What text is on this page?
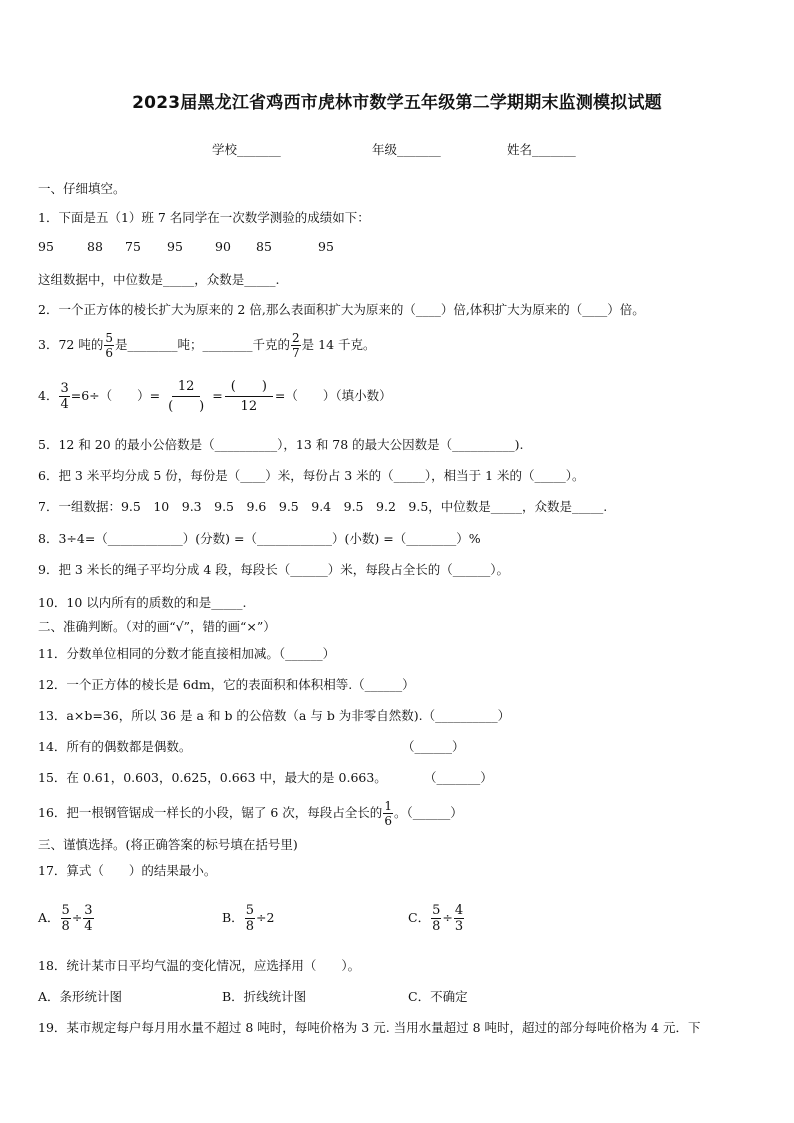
2023届黑龙江省鸡西市虎林市数学五年级第二学期期末监测模拟试题
学校_______	年级_______	姓名_______
一、仔细填空。
1．下面是五（1）班 7 名同学在一次数学测验的成绩如下：
95	88 75 95	90 85	95
这组数据中，中位数是_____，众数是_____.
2．一个正方体的棱长扩大为原来的 2 倍,那么表面积扩大为原来的（____）倍,体积扩大为原来的（____）倍。
3．72 吨的 $\frac{5}{6}$ 是________吨；________千克的 $\frac{2}{7}$ 是 14 千克。
4． $\frac{3}{4} =6\div$（　　）=
12
(　　)
=
(　　)
12
=（　　）（填小数）
5．12 和 20 的最小公倍数是（__________），13 和 78 的最大公因数是（__________).
6．把 3 米平均分成 5 份，每份是（____）米，每份占 3 米的（_____），相当于 1 米的（_____）。
7．一组数据：9.5　10　9.3　9.5　9.6　9.5　9.4　9.5　9.2　9.5，中位数是_____，众数是_____.
8．3÷4=（____________）(分数) =（____________）(小数) =（________）%
9．把 3 米长的绳子平均分成 4 段，每段长（______）米，每段占全长的（______）。
10．10 以内所有的质数的和是_____.
二、准确判断。（对的画“√”，错的画“×”）
11．分数单位相同的分数才能直接相加减。（______）
12．一个正方体的棱长是 6dm，它的表面积和体积相等.（______）
13．a×b=36，所以 36 是 a 和 b 的公倍数（a 与 b 为非零自然数).（__________）
14．所有的偶数都是偶数。	（______）
15．在 0.61，0.603，0.625，0.663 中，最大的是 0.663。	（_______）
16．把一根钢管锯成一样长的小段，锯了 6 次，每段占全长的 $\frac{1}{6}$ 。（______）
三、谨慎选择。(将正确答案的标号填在括号里)
17．算式（　　）的结果最小。
A． $\frac{5}{8} \div \frac{3}{4}$	B． $\frac{5}{8} \div 2$	C． $\frac{5}{8} \div \frac{4}{3}$
18．统计某市日平均气温的变化情况，应选择用（　　）。
A．条形统计图	B．折线统计图	C．不确定
19．某市规定每户每月用水量不超过 8 吨时，每吨价格为 3 元. 当用水量超过 8 吨时，超过的部分每吨价格为 4 元．下
